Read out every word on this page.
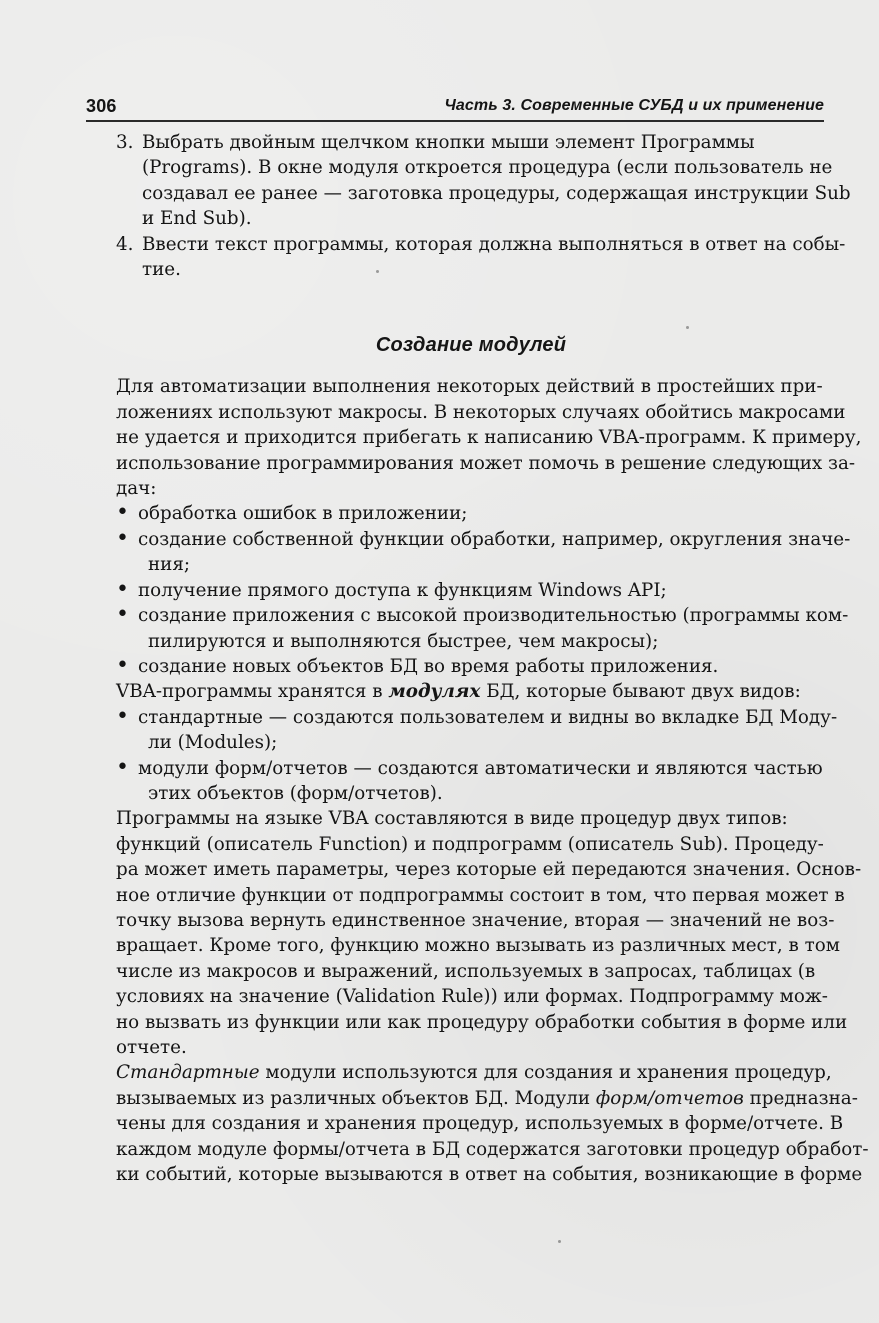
306	Часть 3. Современные СУБД и их применение
3. Выбрать двойным щелчком кнопки мыши элемент Программы
(Programs). В окне модуля откроется процедура (если пользователь не
создавал ее ранее — заготовка процедуры, содержащая инструкции Sub
и End Sub).
4. Ввести текст программы, которая должна выполняться в ответ на собы-
тие.
Создание модулей
Для автоматизации выполнения некоторых действий в простейших при-
ложениях используют макросы. В некоторых случаях обойтись макросами
не удается и приходится прибегать к написанию VBA-программ. К примеру,
использование программирования может помочь в решение следующих за-
дач:
• обработка ошибок в приложении;
• создание собственной функции обработки, например, округления значе-
ния;
• получение прямого доступа к функциям Windows API;
• создание приложения с высокой производительностью (программы ком-
пилируются и выполняются быстрее, чем макросы);
• создание новых объектов БД во время работы приложения.
VBA-программы хранятся в модулях БД, которые бывают двух видов:
• стандартные — создаются пользователем и видны во вкладке БД Моду-
ли (Modules);
• модули форм/отчетов — создаются автоматически и являются частью
этих объектов (форм/отчетов).
Программы на языке VBA составляются в виде процедур двух типов:
функций (описатель Function) и подпрограмм (описатель Sub). Процеду-
ра может иметь параметры, через которые ей передаются значения. Основ-
ное отличие функции от подпрограммы состоит в том, что первая может в
точку вызова вернуть единственное значение, вторая — значений не воз-
вращает. Кроме того, функцию можно вызывать из различных мест, в том
числе из макросов и выражений, используемых в запросах, таблицах (в
условиях на значение (Validation Rule)) или формах. Подпрограмму мож-
но вызвать из функции или как процедуру обработки события в форме или
отчете.
Стандартные модули используются для создания и хранения процедур,
вызываемых из различных объектов БД. Модули форм/отчетов предназна-
чены для создания и хранения процедур, используемых в форме/отчете. В
каждом модуле формы/отчета в БД содержатся заготовки процедур обработ-
ки событий, которые вызываются в ответ на события, возникающие в форме
